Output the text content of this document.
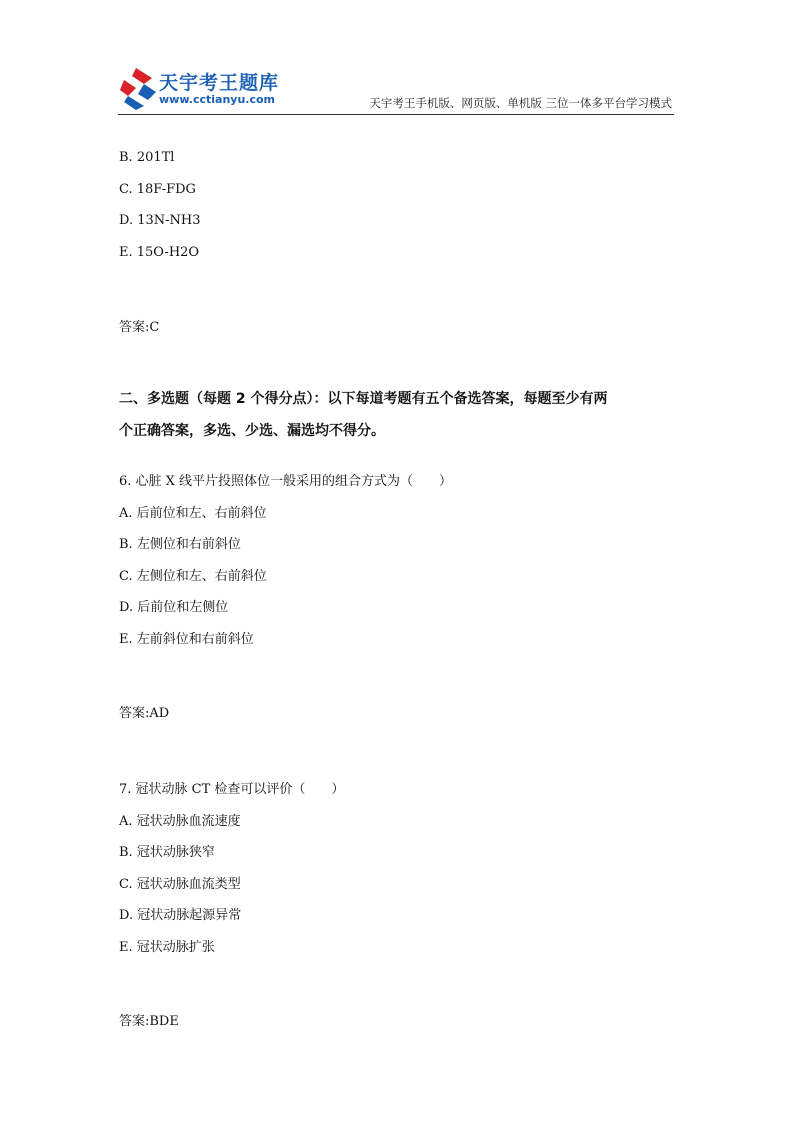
天宇考王题库
www.cctianyu.com	天宇考王手机版、网页版、单机版 三位一体多平台学习模式

B. 201Tl

C. 18F-FDG

D. 13N-NH3

E. 15O-H2O

答案:C

二、多选题（每题 2 个得分点）：以下每道考题有五个备选答案，每题至少有两

个正确答案，多选、少选、漏选均不得分。

6. 心脏 X 线平片投照体位一般采用的组合方式为（　　）

A. 后前位和左、右前斜位

B. 左侧位和右前斜位

C. 左侧位和左、右前斜位

D. 后前位和左侧位

E. 左前斜位和右前斜位

答案:AD

7. 冠状动脉 CT 检查可以评价（　　）

A. 冠状动脉血流速度

B. 冠状动脉狭窄

C. 冠状动脉血流类型

D. 冠状动脉起源异常

E. 冠状动脉扩张

答案:BDE
